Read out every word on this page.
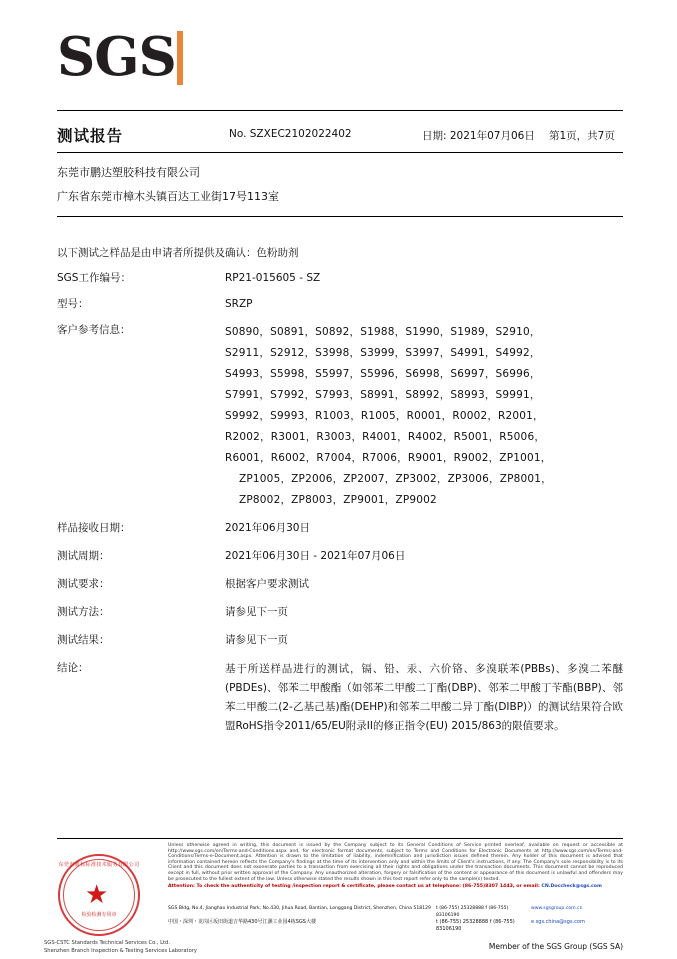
SGS
测试报告	No. SZXEC2102022402	日期: 2021年07月06日 第1页，共7页
东莞市鹏达塑胶科技有限公司
广东省东莞市樟木头镇百达工业街17号113室
以下测试之样品是由申请者所提供及确认：色粉助剂
SGS工作编号：	RP21-015605 - SZ
型号：	SRZP
客户参考信息：	S0890，S0891，S0892，S1988，S1990，S1989，S2910，
S2911，S2912，S3998，S3999，S3997，S4991，S4992，
S4993，S5998，S5997，S5996，S6998，S6997，S6996，
S7991，S7992，S7993，S8991，S8992，S8993，S9991，
S9992，S9993，R1003，R1005，R0001，R0002，R2001，
R2002，R3001，R3003，R4001，R4002，R5001，R5006，
R6001，R6002，R7004，R7006，R9001，R9002，ZP1001，
ZP1005，ZP2006，ZP2007，ZP3002，ZP3006，ZP8001，
ZP8002，ZP8003，ZP9001，ZP9002
样品接收日期：	2021年06月30日
测试周期：	2021年06月30日 - 2021年07月06日
测试要求：	根据客户要求测试
测试方法：	请参见下一页
测试结果：	请参见下一页
结论：	基于所送样品进行的测试，镉、铅、汞、六价铬、多溴联苯(PBBs)、多溴二苯醚(PBDEs)、邻苯二甲酸酯（如邻苯二甲酸二丁酯(DBP)、邻苯二甲酸丁苄酯(BBP)、邻苯二甲酸二(2-乙基己基)酯(DEHP)和邻苯二甲酸二异丁酯(DIBP)）的测试结果符合欧盟RoHS指令2011/65/EU附录II的修正指令(EU) 2015/863的限值要求。
东莞市通标标准技术服务有限公司
★
检验检测专用章
SGS-CSTC Standards Technical Services Co., Ltd.
Shenzhen Branch Inspection & Testing Services Laboratory
Unless otherwise agreed in writing, this document is issued by the Company subject to its General Conditions of Service printed overleaf, available on request or accessible at http://www.sgs.com/en/Terms-and-Conditions.aspx and, for electronic format documents, subject to Terms and Conditions for Electronic Documents at http://www.sgs.com/en/Terms-and-Conditions/Terms-e-Document.aspx. Attention is drawn to the limitation of liability, indemnification and jurisdiction issues defined therein. Any holder of this document is advised that information contained hereon reflects the Company's findings at the time of its intervention only and within the limits of Client's instructions, if any. The Company's sole responsibility is to its Client and this document does not exonerate parties to a transaction from exercising all their rights and obligations under the transaction documents. This document cannot be reproduced except in full, without prior written approval of the Company. Any unauthorized alteration, forgery or falsification of the content or appearance of this document is unlawful and offenders may be prosecuted to the fullest extent of the law. Unless otherwise stated the results shown in this test report refer only to the sample(s) tested.
Attention: To check the authenticity of testing /inspection report & certificate, please contact us at telephone: (86-755)8307 1443, or email: CN.Doccheck@sgs.com
SGS Bldg, No.4, Jianghao Industrial Park, No.430, Jihua Road, Bantian, Longgang District, Shenzhen, China 518129	t (86-755) 25328888 f (86-755) 83106190
www.sgsgroup.com.cn
中国・深圳・龙岗区坂田街道吉华路430号江灏工业园4栋SGS大楼	t (86-755) 25328888 f (86-755) 83106190
e sgs.china@sgs.com
Member of the SGS Group (SGS SA)
